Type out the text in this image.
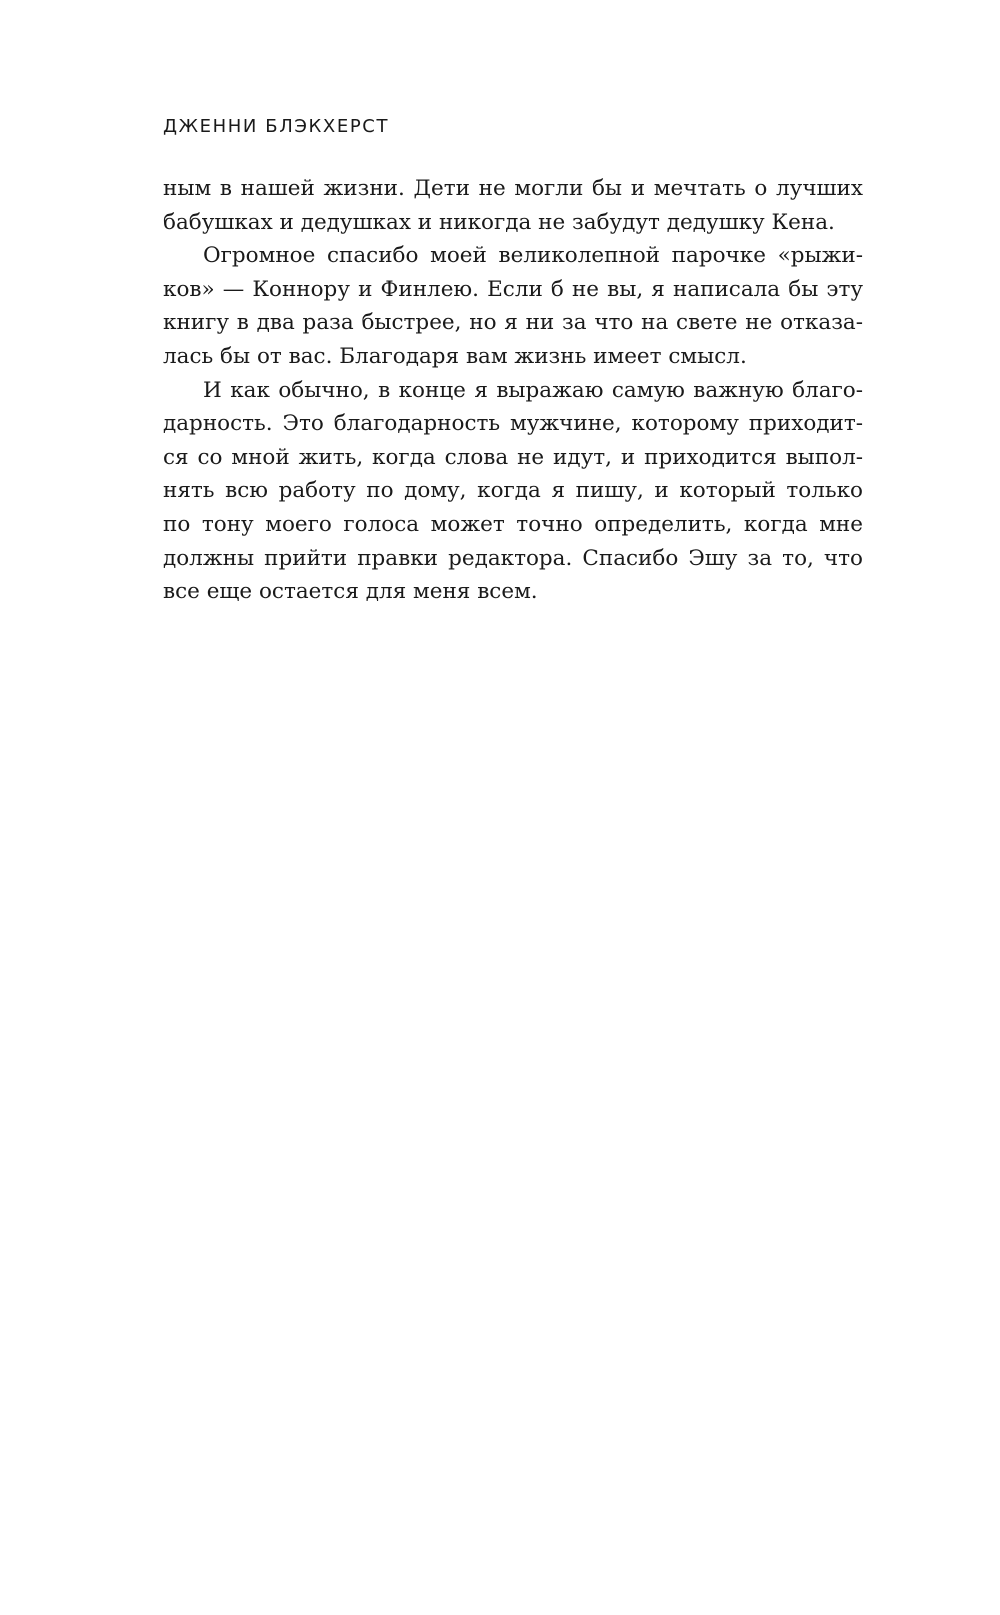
ДЖЕННИ БЛЭКХЕРСТ
ным в нашей жизни. Дети не могли бы и мечтать о лучших
бабушках и дедушках и никогда не забудут дедушку Кена.
Огромное спасибо моей великолепной парочке «рыжи-
ков» — Коннору и Финлею. Если б не вы, я написала бы эту
книгу в два раза быстрее, но я ни за что на свете не отказа-
лась бы от вас. Благодаря вам жизнь имеет смысл.
И как обычно, в конце я выражаю самую важную благо-
дарность. Это благодарность мужчине, которому приходит-
ся со мной жить, когда слова не идут, и приходится выпол-
нять всю работу по дому, когда я пишу, и который только
по тону моего голоса может точно определить, когда мне
должны прийти правки редактора. Спасибо Эшу за то, что
все еще остается для меня всем.
